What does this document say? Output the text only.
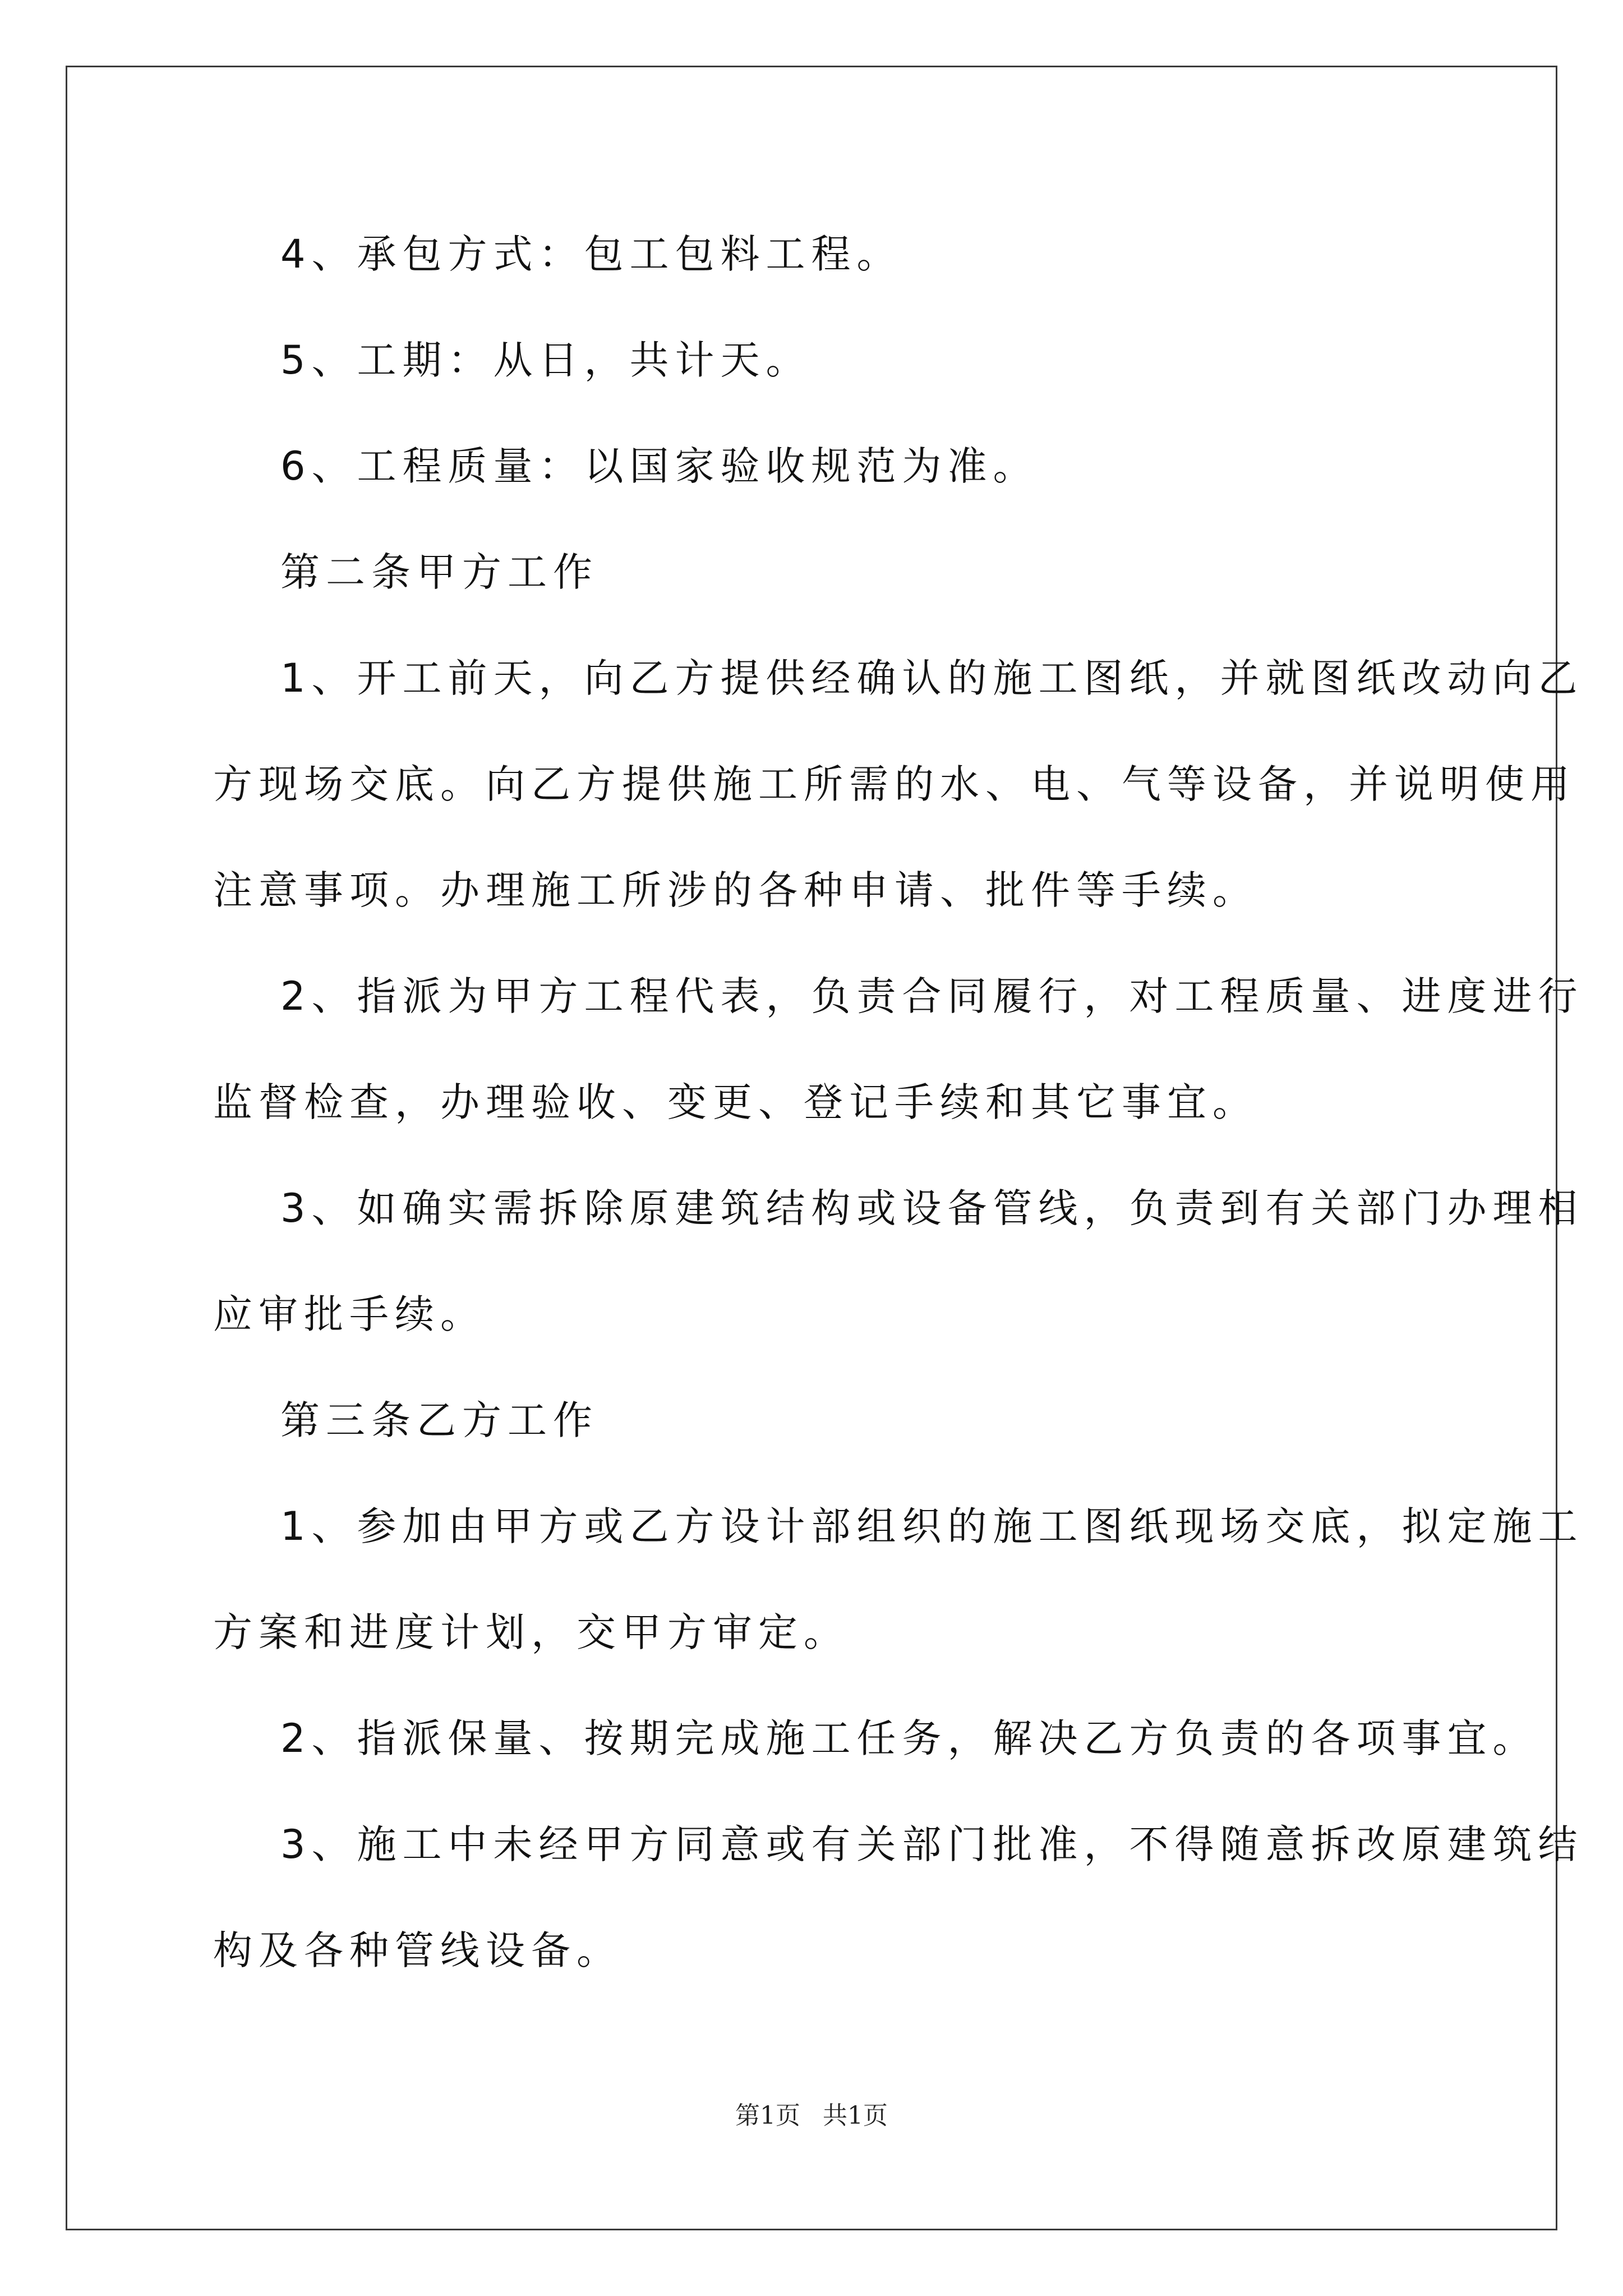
4、承包方式：包工包料工程。
5、工期：从日，共计天。
6、工程质量：以国家验收规范为准。
第二条甲方工作
1、开工前天，向乙方提供经确认的施工图纸，并就图纸改动向乙
方现场交底。向乙方提供施工所需的水、电、气等设备，并说明使用
注意事项。办理施工所涉的各种申请、批件等手续。
2、指派为甲方工程代表，负责合同履行，对工程质量、进度进行
监督检查，办理验收、变更、登记手续和其它事宜。
3、如确实需拆除原建筑结构或设备管线，负责到有关部门办理相
应审批手续。
第三条乙方工作
1、参加由甲方或乙方设计部组织的施工图纸现场交底，拟定施工
方案和进度计划，交甲方审定。
2、指派保量、按期完成施工任务，解决乙方负责的各项事宜。
3、施工中未经甲方同意或有关部门批准，不得随意拆改原建筑结
构及各种管线设备。
第1页 共1页
